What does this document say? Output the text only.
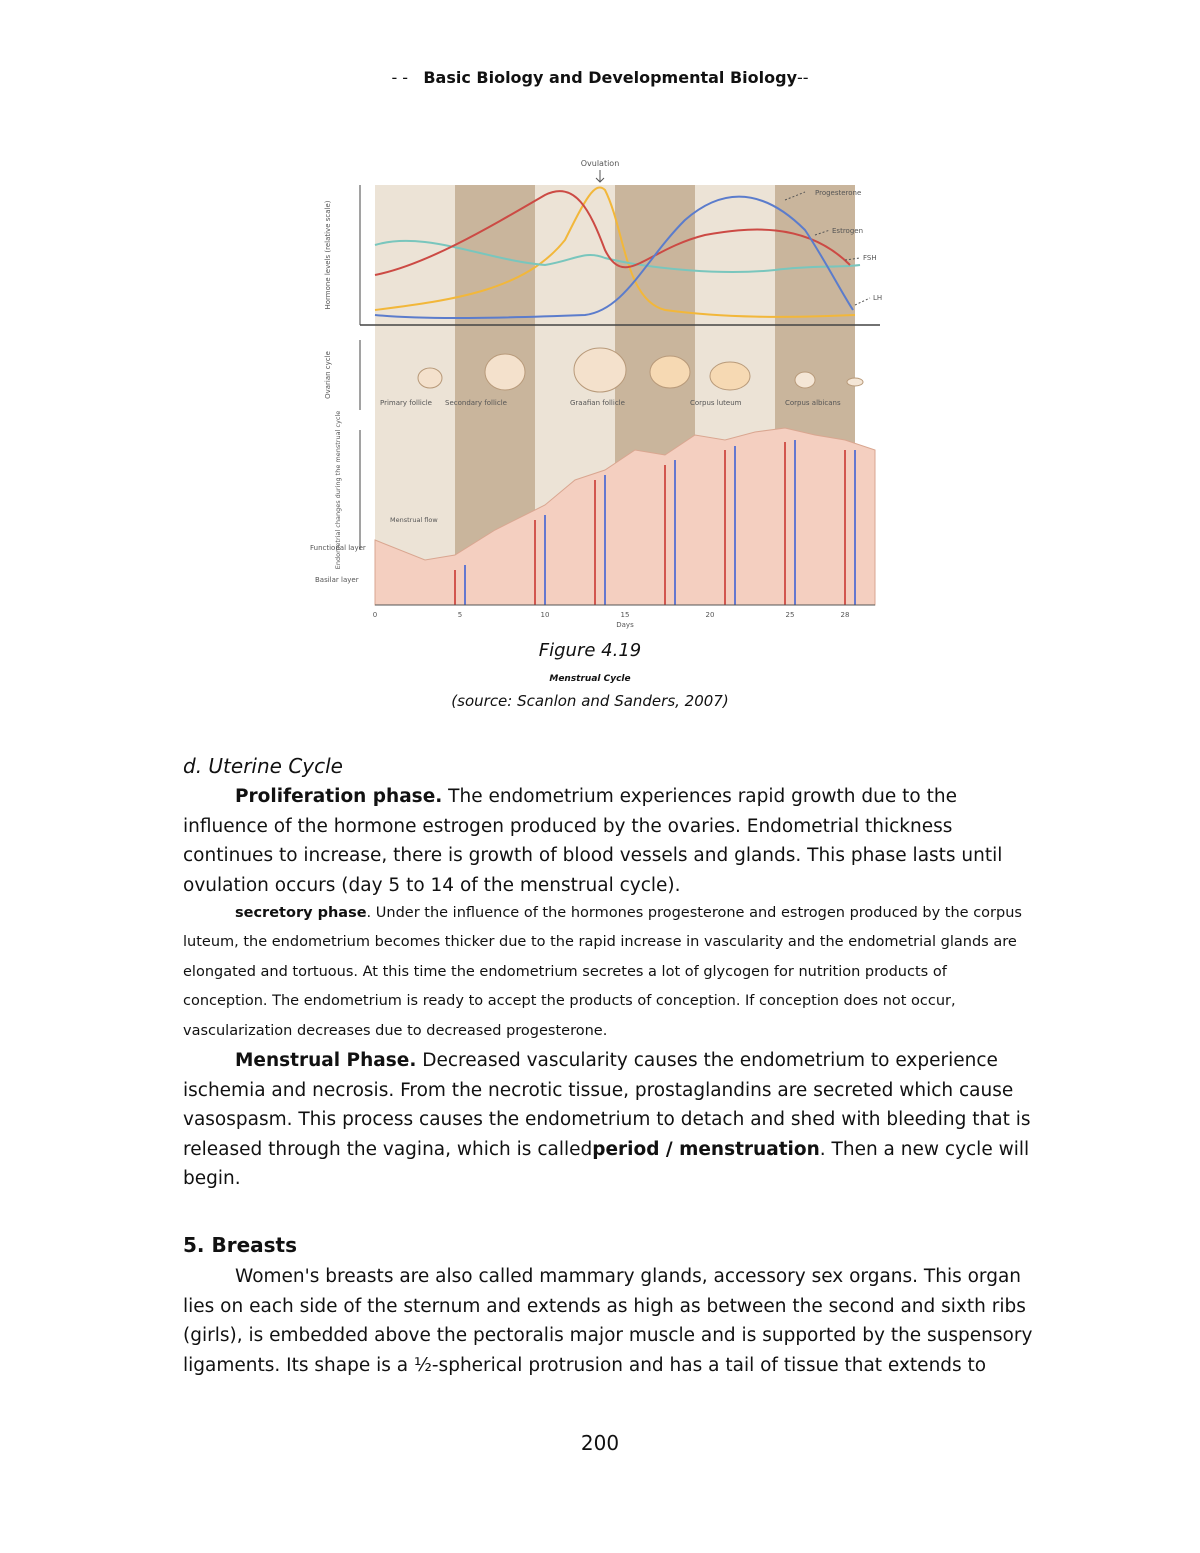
- - Basic Biology and Developmental Biology--
Hormone levels (relative scale)
Ovarian cycle
Endometrial changes during the menstrual cycle
Ovulation
Progesterone
Estrogen
FSH
LH
Primary follicle Secondary follicle	Graafian follicle	Corpus luteum	Corpus albicans
Menstrual flow
Functional layer
Basilar layer
0	5	10	15	20	25	28
Days
Figure 4.19
Menstrual Cycle
(source: Scanlon and Sanders, 2007)
d. Uterine Cycle
Proliferation phase. The endometrium experiences rapid growth due to the influence of the hormone estrogen produced by the ovaries. Endometrial thickness continues to increase, there is growth of blood vessels and glands. This phase lasts until ovulation occurs (day 5 to 14 of the menstrual cycle).
secretory phase. Under the influence of the hormones progesterone and estrogen produced by the corpus luteum, the endometrium becomes thicker due to the rapid increase in vascularity and the endometrial glands are elongated and tortuous. At this time the endometrium secretes a lot of glycogen for nutrition products of conception. The endometrium is ready to accept the products of conception. If conception does not occur, vascularization decreases due to decreased progesterone.
Menstrual Phase. Decreased vascularity causes the endometrium to experience ischemia and necrosis. From the necrotic tissue, prostaglandins are secreted which cause vasospasm. This process causes the endometrium to detach and shed with bleeding that is released through the vagina, which is calledperiod / menstruation. Then a new cycle will begin.
5. Breasts
Women's breasts are also called mammary glands, accessory sex organs. This organ lies on each side of the sternum and extends as high as between the second and sixth ribs (girls), is embedded above the pectoralis major muscle and is supported by the suspensory ligaments. Its shape is a ½-spherical protrusion and has a tail of tissue that extends to
200
